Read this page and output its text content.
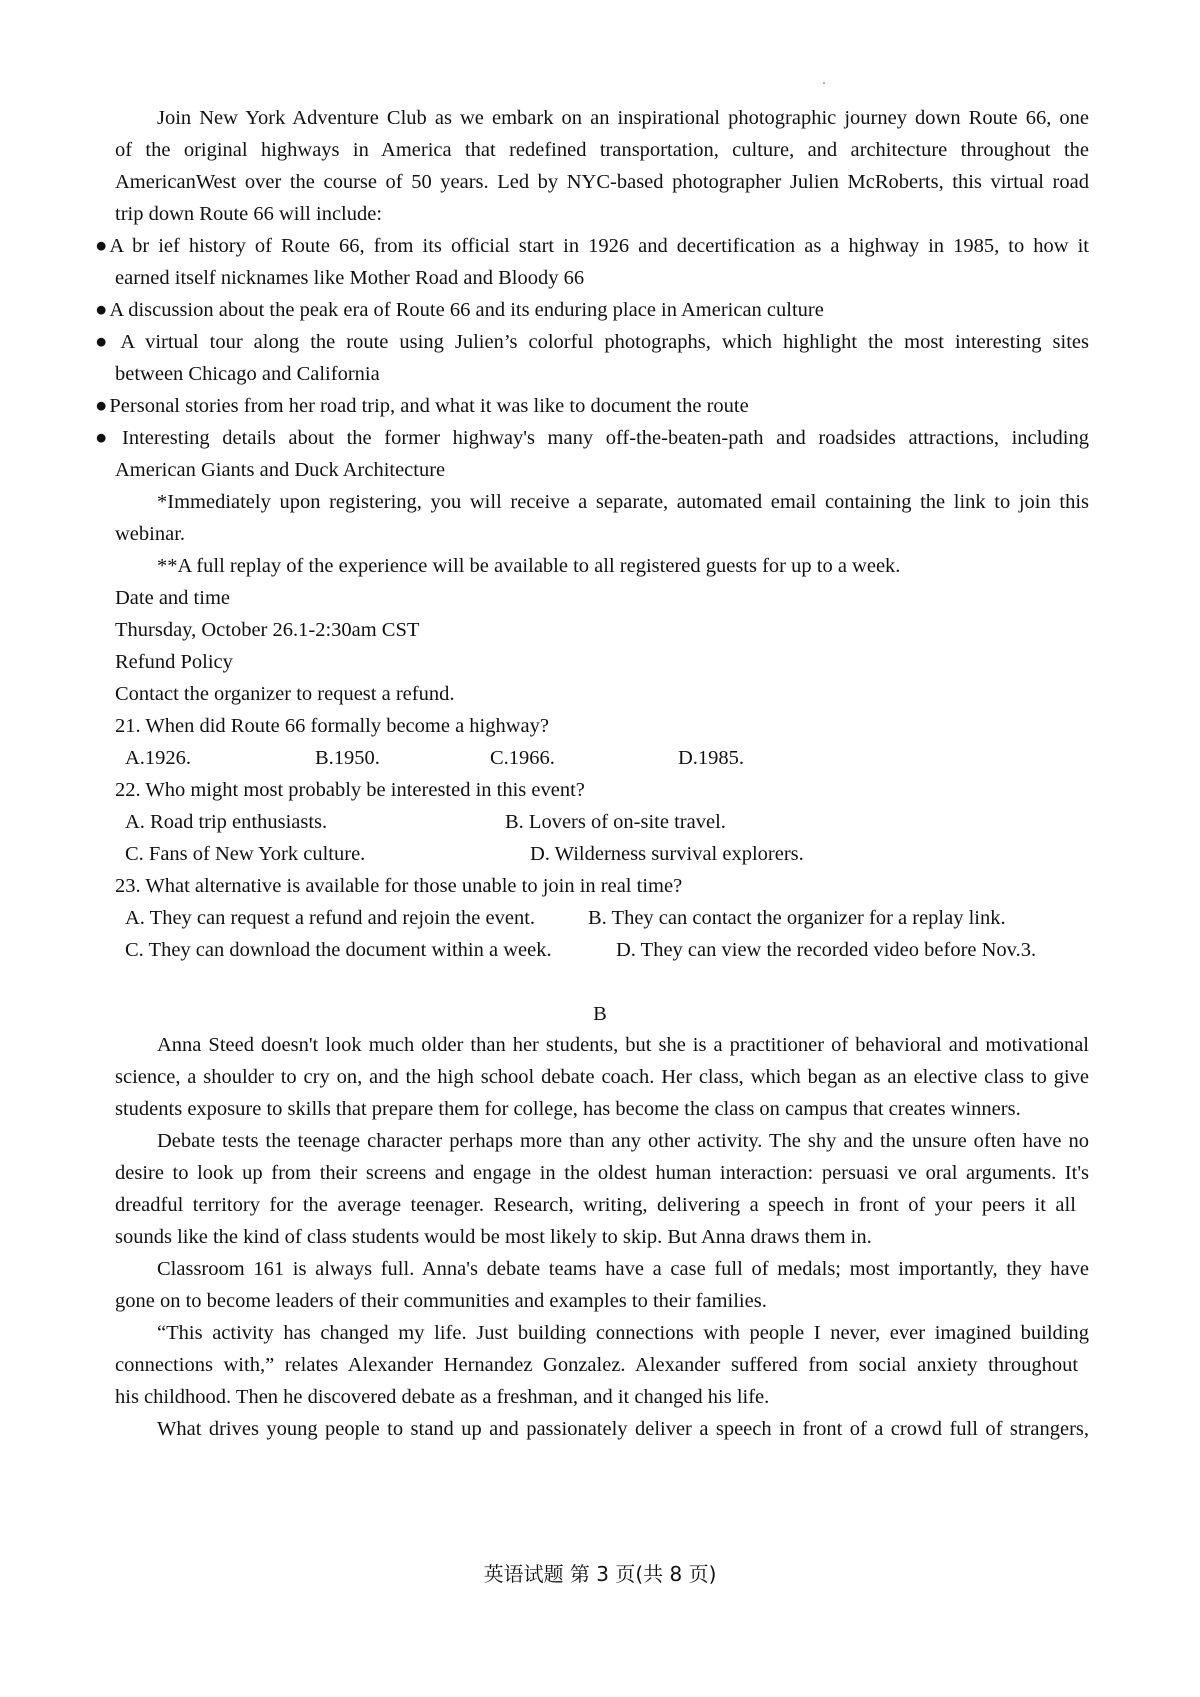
Join New York Adventure Club as we embark on an inspirational photographic journey down Route 66, one
of the original highways in America that redefined transportation, culture, and architecture throughout the
AmericanWest over the course of 50 years. Led by NYC-based photographer Julien McRoberts, this virtual road
trip down Route 66 will include:
●A br ief history of Route 66, from its official start in 1926 and decertification as a highway in 1985, to how it
earned itself nicknames like Mother Road and Bloody 66
●A discussion about the peak era of Route 66 and its enduring place in American culture
● A virtual tour along the route using Julien’s colorful photographs, which highlight the most interesting sites
between Chicago and California
●Personal stories from her road trip, and what it was like to document the route
● Interesting details about the former highway's many off-the-beaten-path and roadsides attractions, including
American Giants and Duck Architecture
*Immediately upon registering, you will receive a separate, automated email containing the link to join this
webinar.
**A full replay of the experience will be available to all registered guests for up to a week.
Date and time
Thursday, October 26.1-2:30am CST
Refund Policy
Contact the organizer to request a refund.
21. When did Route 66 formally become a highway?
A.1926.	B.1950.	C.1966.	D.1985.
22. Who might most probably be interested in this event?
A. Road trip enthusiasts.	B. Lovers of on-site travel.
C. Fans of New York culture.	D. Wilderness survival explorers.
23. What alternative is available for those unable to join in real time?
A. They can request a refund and rejoin the event.	B. They can contact the organizer for a replay link.
C. They can download the document within a week.	D. They can view the recorded video before Nov.3.
B
Anna Steed doesn't look much older than her students, but she is a practitioner of behavioral and motivational
science, a shoulder to cry on, and the high school debate coach. Her class, which began as an elective class to give
students exposure to skills that prepare them for college, has become the class on campus that creates winners.
Debate tests the teenage character perhaps more than any other activity. The shy and the unsure often have no
desire to look up from their screens and engage in the oldest human interaction: persuasi ve oral arguments. It's
dreadful territory for the average teenager. Research, writing, delivering a speech in front of your peers it all
sounds like the kind of class students would be most likely to skip. But Anna draws them in.
Classroom 161 is always full. Anna's debate teams have a case full of medals; most importantly, they have
gone on to become leaders of their communities and examples to their families.
“This activity has changed my life. Just building connections with people I never, ever imagined building
connections with,” relates Alexander Hernandez Gonzalez. Alexander suffered from social anxiety throughout
his childhood. Then he discovered debate as a freshman, and it changed his life.
What drives young people to stand up and passionately deliver a speech in front of a crowd full of strangers,
英语试题 第 3 页(共 8 页)
